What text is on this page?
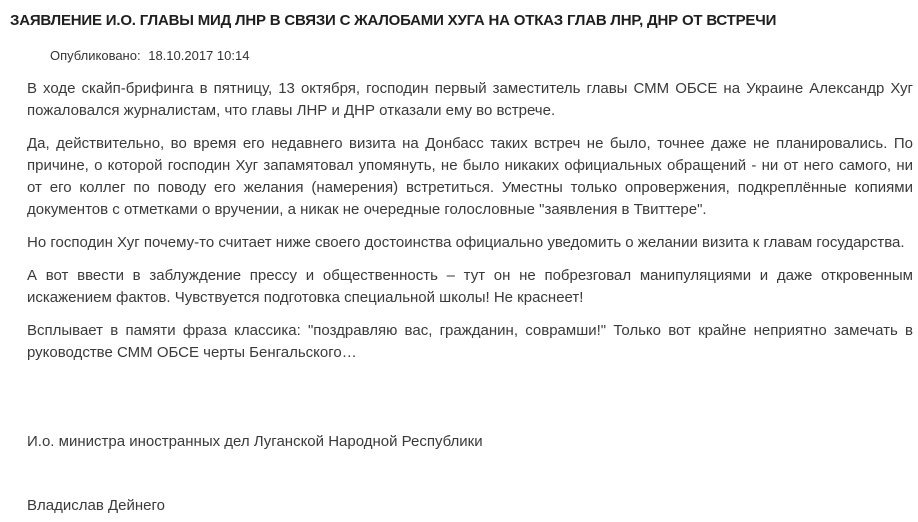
ЗАЯВЛЕНИЕ И.О. ГЛАВЫ МИД ЛНР В СВЯЗИ С ЖАЛОБАМИ ХУГА НА ОТКАЗ ГЛАВ ЛНР, ДНР ОТ ВСТРЕЧИ
Опубликовано: 18.10.2017 10:14

В ходе скайп-брифинга в пятницу, 13 октября, господин первый заместитель главы СММ ОБСЕ на Украине Александр Хуг пожаловался журналистам, что главы ЛНР и ДНР отказали ему во встрече.

Да, действительно, во время его недавнего визита на Донбасс таких встреч не было, точнее даже не планировались. По причине, о которой господин Хуг запамятовал упомянуть, не было никаких официальных обращений - ни от него самого, ни от его коллег по поводу его желания (намерения) встретиться. Уместны только опровержения, подкреплённые копиями документов с отметками о вручении, а никак не очередные голословные "заявления в Твиттере".

Но господин Хуг почему-то считает ниже своего достоинства официально уведомить о желании визита к главам государства.

А вот ввести в заблуждение прессу и общественность – тут он не побрезговал манипуляциями и даже откровенным искажением фактов. Чувствуется подготовка специальной школы! Не краснеет!

Всплывает в памяти фраза классика: "поздравляю вас, гражданин, соврамши!" Только вот крайне неприятно замечать в руководстве СММ ОБСЕ черты Бенгальского…

И.о. министра иностранных дел Луганской Народной Республики
Владислав Дейнего
